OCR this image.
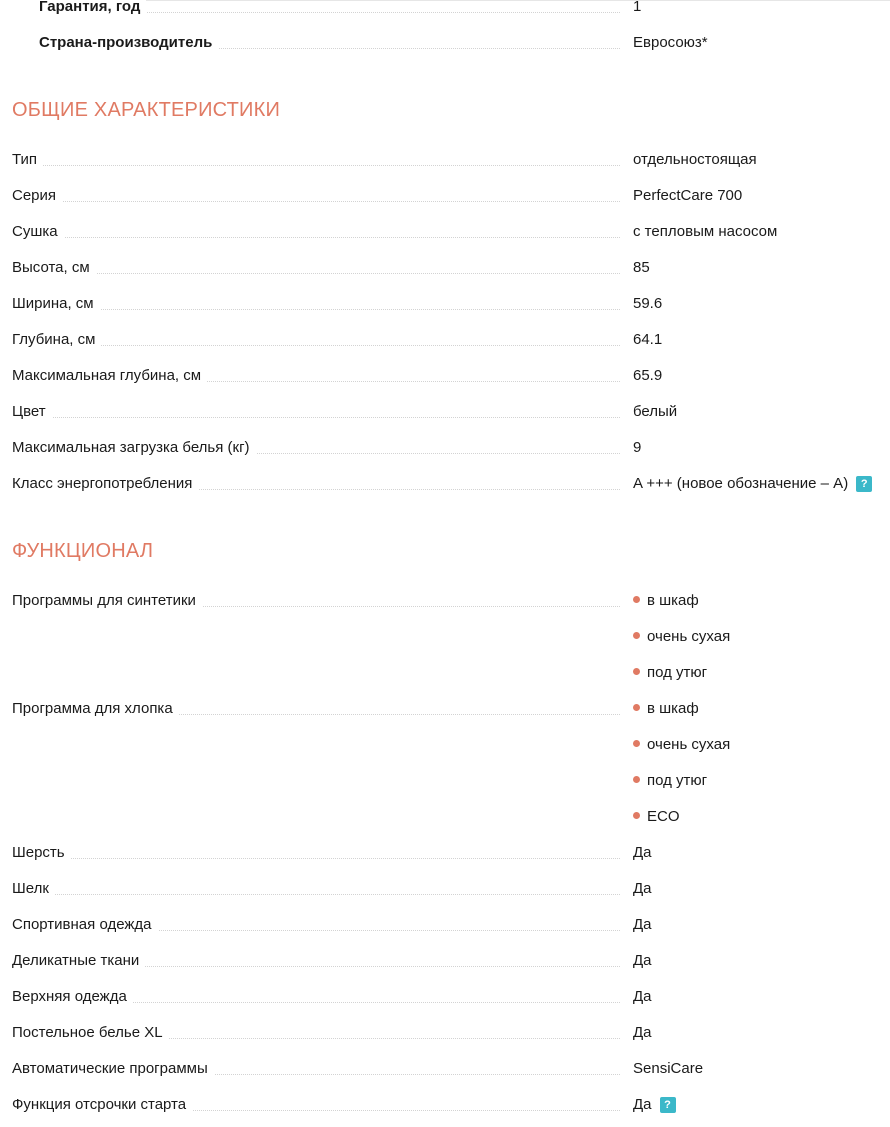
Гарантия, год	1
Страна-производитель	Евросоюз*
ОБЩИЕ ХАРАКТЕРИСТИКИ
Тип	отдельностоящая
Серия	PerfectCare 700
Сушка	с тепловым насосом
Высота, см	85
Ширина, см	59.6
Глубина, см	64.1
Максимальная глубина, см	65.9
Цвет	белый
Максимальная загрузка белья (кг)	9
Класс энергопотребления	A +++ (новое обозначение – A) ?
ФУНКЦИОНАЛ
Программы для синтетики	в шкаф
очень сухая
под утюг
Программа для хлопка	в шкаф
очень сухая
под утюг
ECO
Шерсть	Да
Шелк	Да
Спортивная одежда	Да
Деликатные ткани	Да
Верхняя одежда	Да
Постельное белье XL	Да
Автоматические программы	SensiCare
Функция отсрочки старта	Да ?
